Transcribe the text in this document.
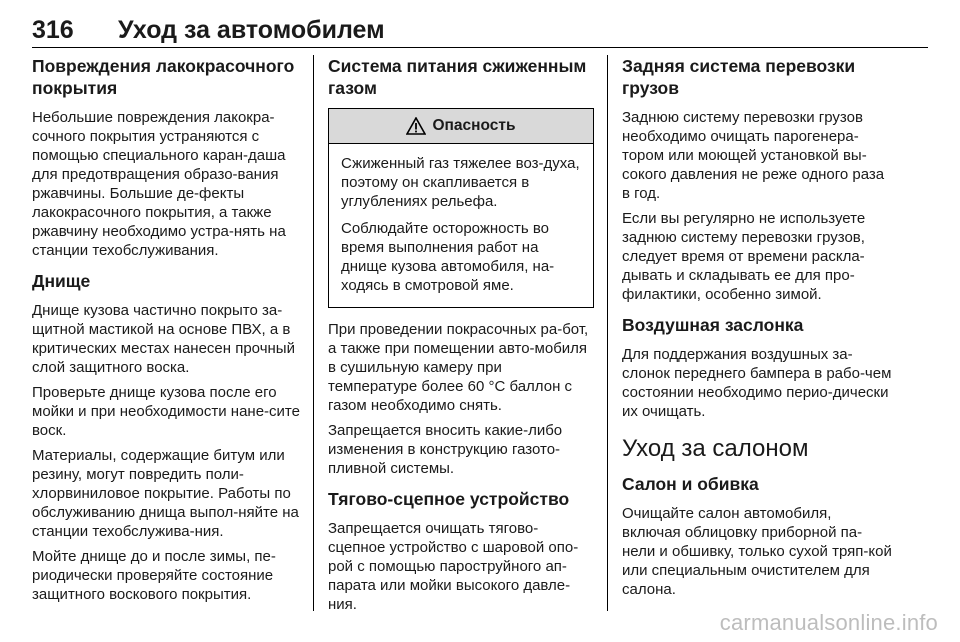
316 Уход за автомобилем
Повреждения лакокрасочного покрытия

Небольшие повреждения лакокра-сочного покрытия устраняются с помощью специального каран-даша для предотвращения образо-вания ржавчины. Большие де-фекты лакокрасочного покрытия, а также ржавчину необходимо устра-нять на станции техобслуживания.

Днище

Днище кузова частично покрыто за-щитной мастикой на основе ПВХ, а в критических местах нанесен прочный слой защитного воска.

Проверьте днище кузова после его мойки и при необходимости нане-сите воск.

Материалы, содержащие битум или резину, могут повредить поли-хлорвиниловое покрытие. Работы по обслуживанию днища выпол-няйте на станции техобслужива-ния.

Мойте днище до и после зимы, пе-риодически проверяйте состояние защитного воскового покрытия.

Система питания сжиженным газом
Опасность

Сжиженный газ тяжелее воз-духа, поэтому он скапливается в углублениях рельефа.

Соблюдайте осторожность во время выполнения работ на днище кузова автомобиля, на-ходясь в смотровой яме.

При проведении покрасочных ра-бот, а также при помещении авто-мобиля в сушильную камеру при температуре более 60 °C баллон с газом необходимо снять.

Запрещается вносить какие-либо изменения в конструкцию газото-пливной системы.

Тягово-сцепное устройство

Запрещается очищать тягово-сцепное устройство с шаровой опо-рой с помощью пароструйного ап-парата или мойки высокого давле-ния.

Задняя система перевозки грузов

Заднюю систему перевозки грузов необходимо очищать парогенера-тором или моющей установкой вы-сокого давления не реже одного раза в год.

Если вы регулярно не используете заднюю систему перевозки грузов, следует время от времени раскла-дывать и складывать ее для про-филактики, особенно зимой.

Воздушная заслонка

Для поддержания воздушных за-слонок переднего бампера в рабо-чем состоянии необходимо перио-дически их очищать.

Уход за салоном
Салон и обивка

Очищайте салон автомобиля, включая облицовку приборной па-нели и обшивку, только сухой тряп-кой или специальным очистителем для салона.

carmanualsonline.info
